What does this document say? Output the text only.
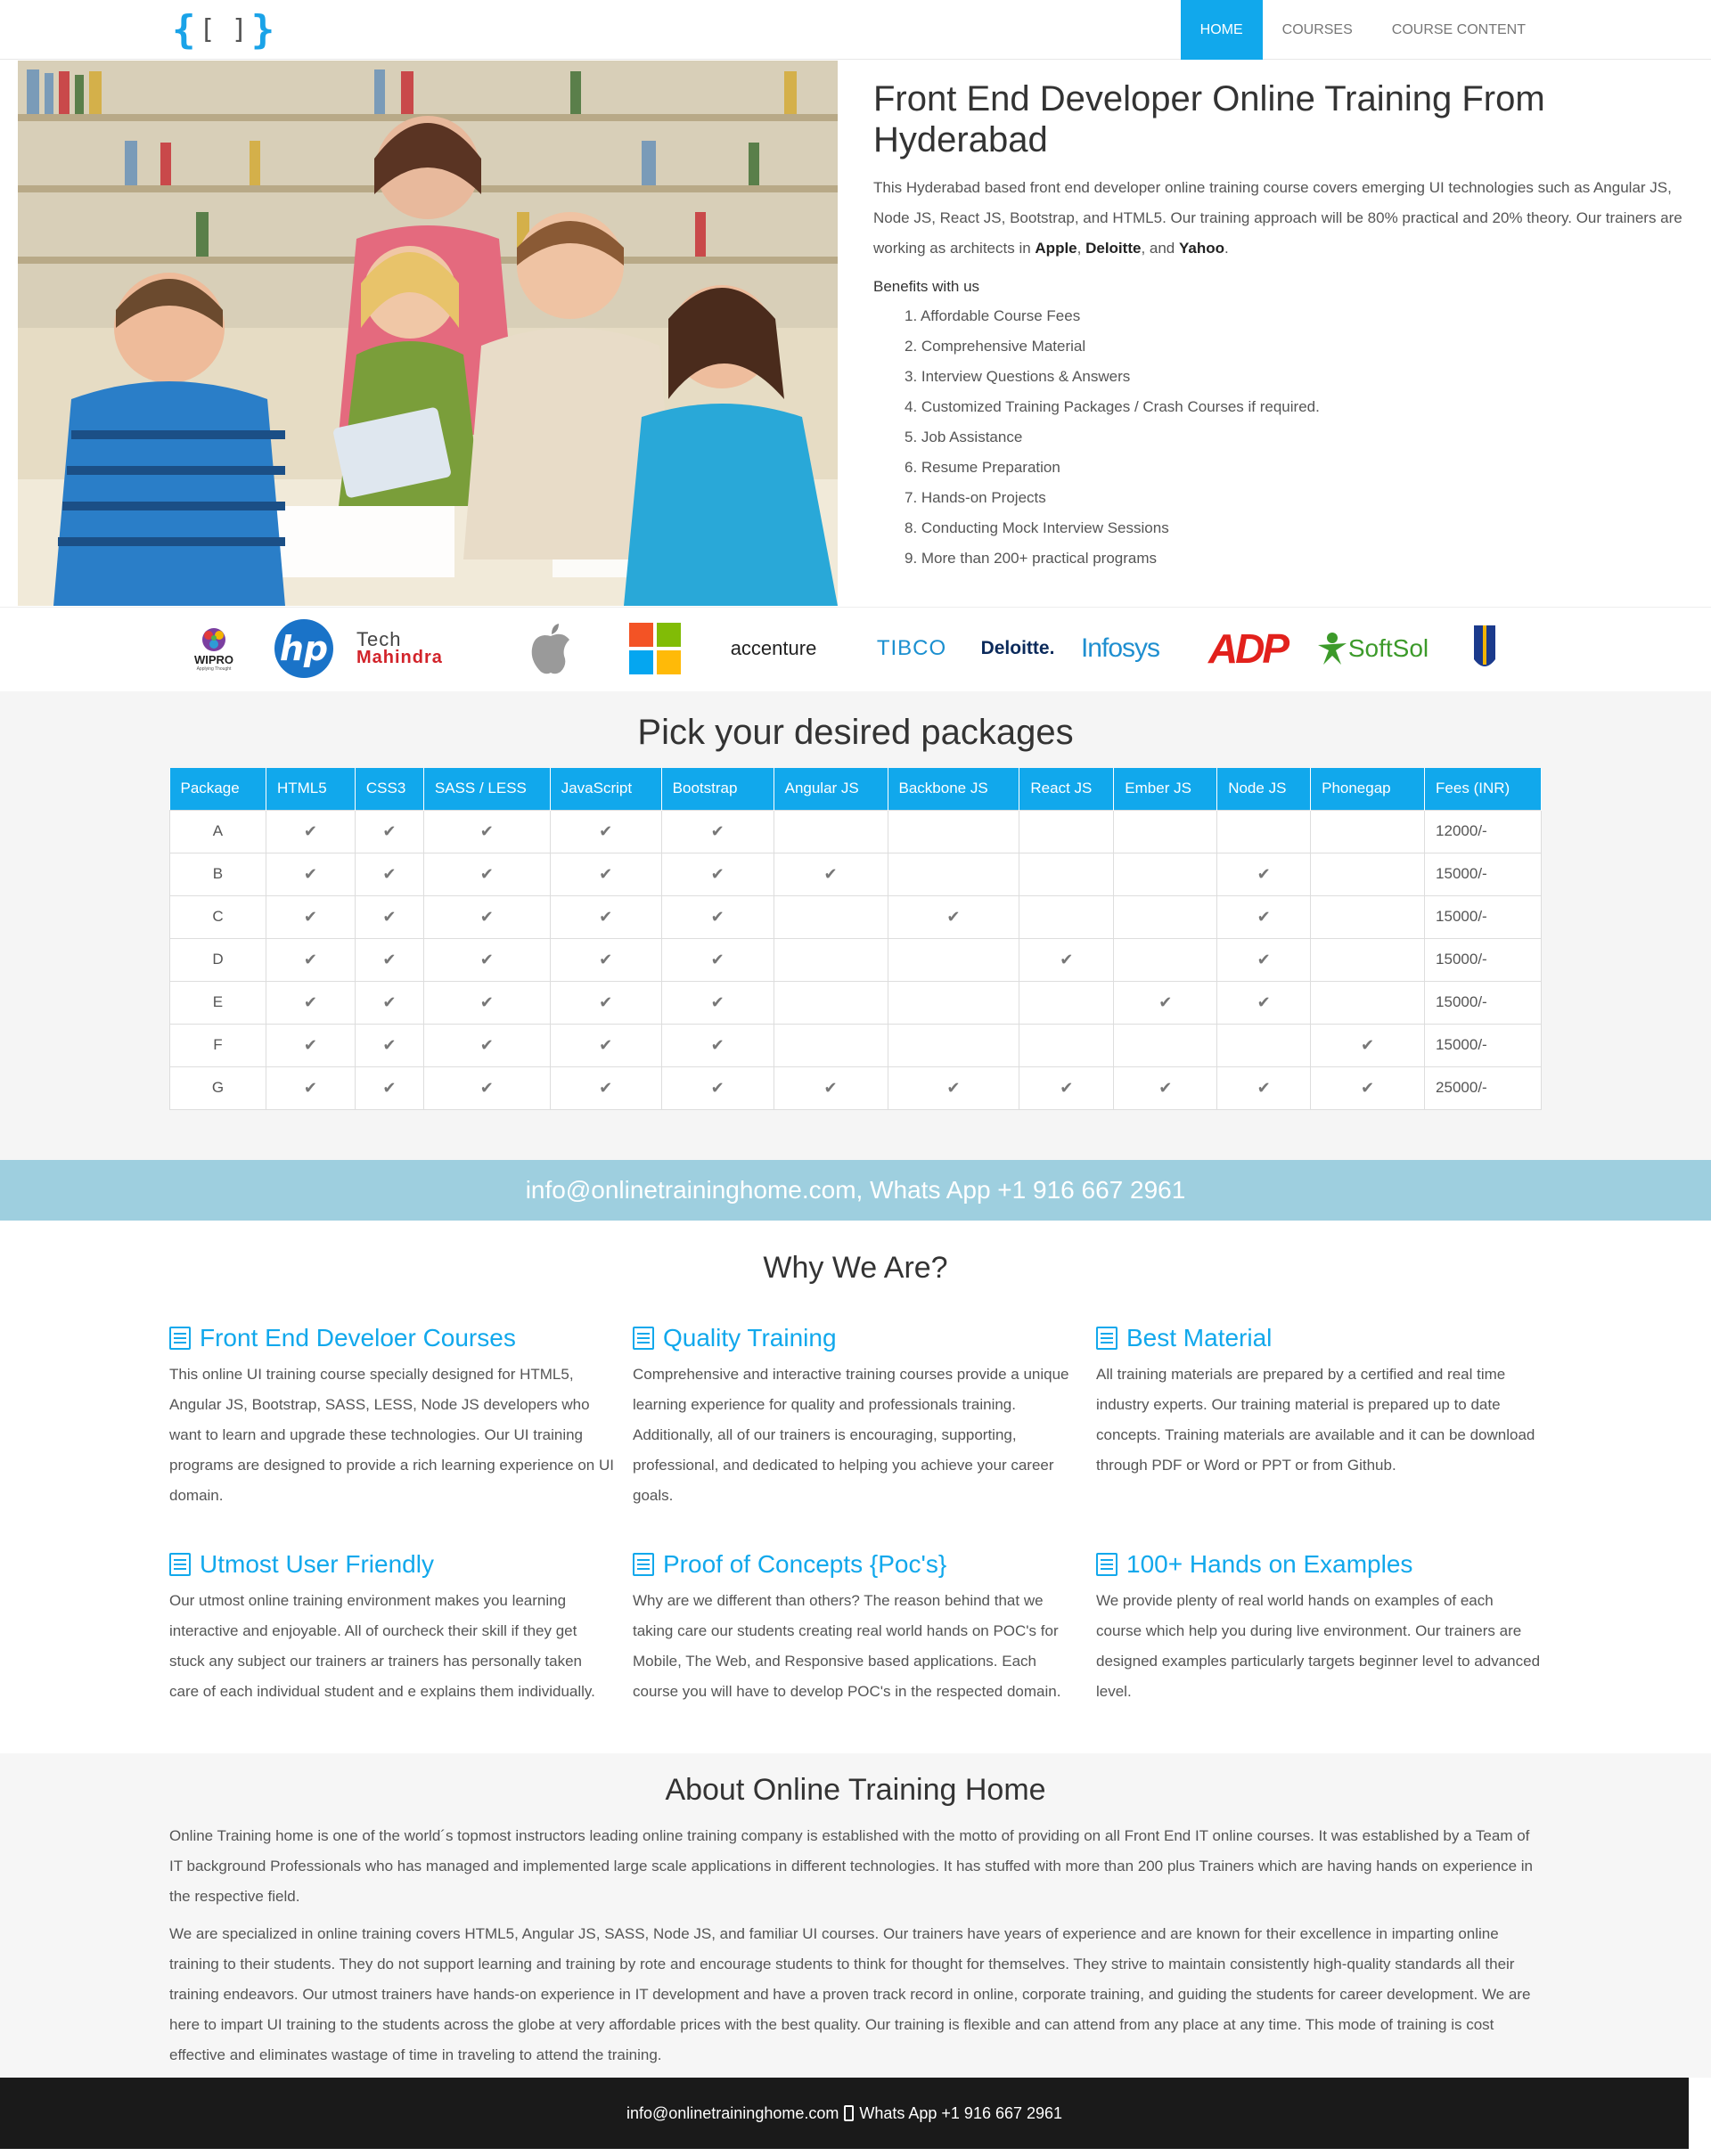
{ [ ] }	HOME	COURSES	COURSE CONTENT
Front End Developer Online Training From Hyderabad

This Hyderabad based front end developer online training course covers emerging UI technologies such as Angular JS, Node JS, React JS, Bootstrap, and HTML5. Our training approach will be 80% practical and 20% theory. Our trainers are working as architects in Apple, Deloitte, and Yahoo.

Benefits with us
1. Affordable Course Fees
2. Comprehensive Material
3. Interview Questions & Answers
4. Customized Training Packages / Crash Courses if required.
5. Job Assistance
6. Resume Preparation
7. Hands-on Projects
8. Conducting Mock Interview Sessions
9. More than 200+ practical programs
WIPRO
Applying Thought
hp Tech
Mahindra	accenture	TIBCO Deloitte. Infosys ADP SoftSol
Pick your desired packages
Package	HTML5	CSS3	SASS / LESS	JavaScript	Bootstrap	Angular JS	Backbone JS	React JS	Ember JS	Node JS	Phonegap	Fees (INR)
A	✔	✔	✔	✔	✔							12000/-
B	✔	✔	✔	✔	✔	✔				✔		15000/-
C	✔	✔	✔	✔	✔		✔			✔		15000/-
D	✔	✔	✔	✔	✔			✔		✔		15000/-
E	✔	✔	✔	✔	✔				✔	✔		15000/-
F	✔	✔	✔	✔	✔						✔	15000/-
G	✔	✔	✔	✔	✔	✔	✔	✔	✔	✔	✔	25000/-
info@onlinetraininghome.com, Whats App +1 916 667 2961
Why We Are?
Front End Develoer Courses

This online UI training course specially designed for HTML5, Angular JS, Bootstrap, SASS, LESS, Node JS developers who want to learn and upgrade these technologies. Our UI training programs are designed to provide a rich learning experience on UI domain.

Quality Training

Comprehensive and interactive training courses provide a unique learning experience for quality and professionals training. Additionally, all of our trainers is encouraging, supporting, professional, and dedicated to helping you achieve your career goals.

Best Material

All training materials are prepared by a certified and real time industry experts. Our training material is prepared up to date concepts. Training materials are available and it can be download through PDF or Word or PPT or from Github.

Utmost User Friendly

Our utmost online training environment makes you learning interactive and enjoyable. All of ourcheck their skill if they get stuck any subject our trainers ar trainers has personally taken care of each individual student and e explains them individually.

Proof of Concepts {Poc's}

Why are we different than others? The reason behind that we taking care our students creating real world hands on POC's for Mobile, The Web, and Responsive based applications. Each course you will have to develop POC's in the respected domain.

100+ Hands on Examples

We provide plenty of real world hands on examples of each course which help you during live environment. Our trainers are designed examples particularly targets beginner level to advanced level.

About Online Training Home

Online Training home is one of the world´s topmost instructors leading online training company is established with the motto of providing on all Front End IT online courses. It was established by a Team of IT background Professionals who has managed and implemented large scale applications in different technologies. It has stuffed with more than 200 plus Trainers which are having hands on experience in the respective field.

We are specialized in online training covers HTML5, Angular JS, SASS, Node JS, and familiar UI courses. Our trainers have years of experience and are known for their excellence in imparting online training to their students. They do not support learning and training by rote and encourage students to think for thought for themselves. They strive to maintain consistently high-quality standards all their training endeavors. Our utmost trainers have hands-on experience in IT development and have a proven track record in online, corporate training, and guiding the students for career development. We are here to impart UI training to the students across the globe at very affordable prices with the best quality. Our training is flexible and can attend from any place at any time. This mode of training is cost effective and eliminates wastage of time in traveling to attend the training.

info@onlinetraininghome.com Whats App +1 916 667 2961
